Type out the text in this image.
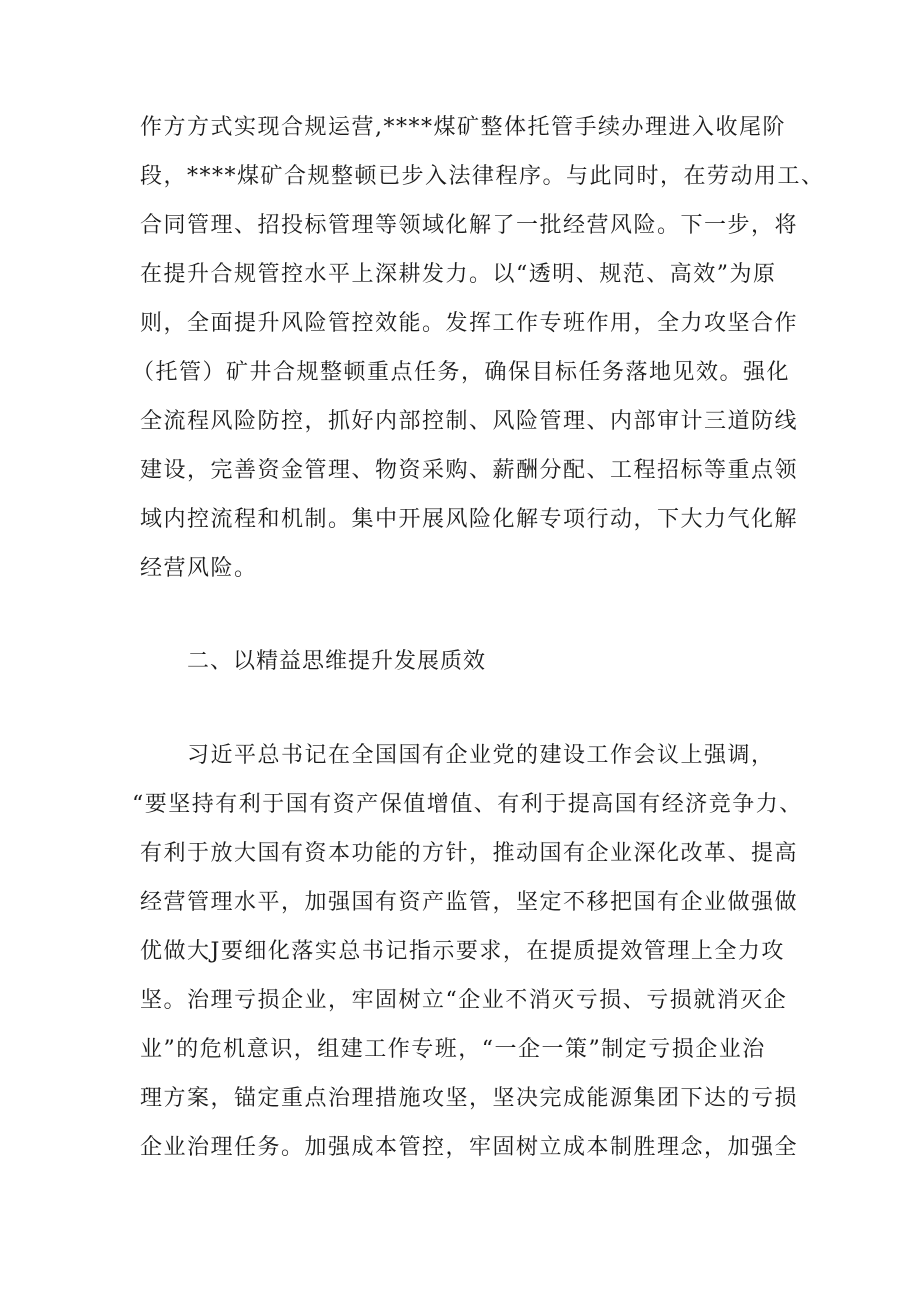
作方方式实现合规运营,****煤矿整体托管手续办理进入收尾阶
段，****煤矿合规整顿已步入法律程序。与此同时，在劳动用工、
合同管理、招投标管理等领域化解了一批经营风险。下一步，将
在提升合规管控水平上深耕发力。以“透明、规范、高效”为原
则，全面提升风险管控效能。发挥工作专班作用，全力攻坚合作
（托管）矿井合规整顿重点任务，确保目标任务落地见效。强化
全流程风险防控，抓好内部控制、风险管理、内部审计三道防线
建设，完善资金管理、物资采购、薪酬分配、工程招标等重点领
域内控流程和机制。集中开展风险化解专项行动，下大力气化解
经营风险。
二、以精益思维提升发展质效
习近平总书记在全国国有企业党的建设工作会议上强调，
“要坚持有利于国有资产保值增值、有利于提高国有经济竞争力、
有利于放大国有资本功能的方针，推动国有企业深化改革、提高
经营管理水平，加强国有资产监管，坚定不移把国有企业做强做
优做大J要细化落实总书记指示要求，在提质提效管理上全力攻
坚。治理亏损企业，牢固树立“企业不消灭亏损、亏损就消灭企
业”的危机意识，组建工作专班，“一企一策”制定亏损企业治
理方案，锚定重点治理措施攻坚，坚决完成能源集团下达的亏损
企业治理任务。加强成本管控，牢固树立成本制胜理念，加强全
